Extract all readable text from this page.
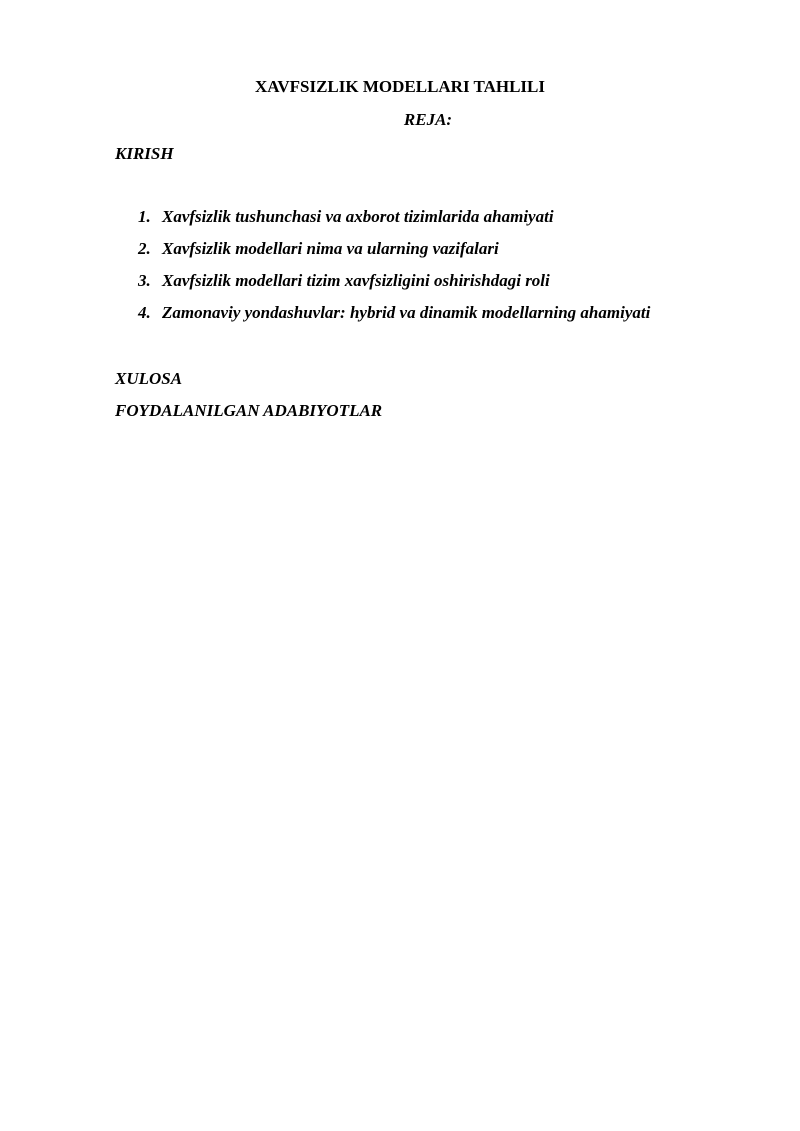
XAVFSIZLIK MODELLARI TAHLILI
REJA:
KIRISH
1. Xavfsizlik tushunchasi va axborot tizimlarida ahamiyati
2. Xavfsizlik modellari nima va ularning vazifalari
3. Xavfsizlik modellari tizim xavfsizligini oshirishdagi roli
4. Zamonaviy yondashuvlar: hybrid va dinamik modellarning ahamiyati
XULOSA
FOYDALANILGAN ADABIYOTLAR
